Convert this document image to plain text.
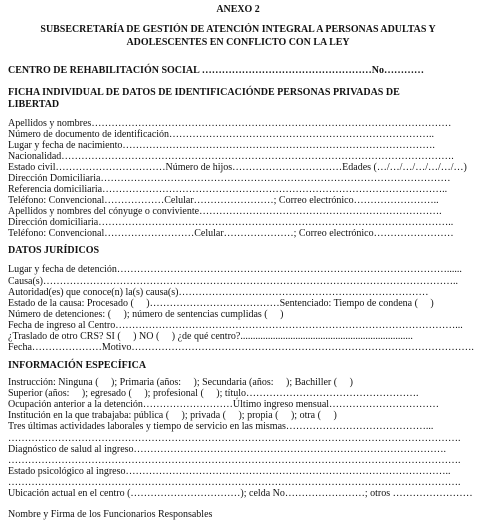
ANEXO 2
SUBSECRETARÍA DE GESTIÓN DE ATENCIÓN INTEGRAL A PERSONAS ADULTAS Y
ADOLESCENTES EN CONFLICTO CON LA LEY
CENTRO DE REHABILITACIÓN SOCIAL ……………………………………………No…………
FICHA INDIVIDUAL DE DATOS DE IDENTIFICACIÓNDE PERSONAS PRIVADAS DE
LIBERTAD
Apellidos y nombres………………………………………………………………………………………………
Número de documento de identificación……………………………………………………………………..
Lugar y fecha de nacimiento………………………………………………………………………………….
Nacionalidad……………………………………………………………………………………………………….
Estado civil……………………………Número de hijos……………………………Edades (…/…/…/…/…/…/…)
Dirección Domiciliaria……………………………………………………………………………………………
Referencia domiciliaria…………………………………………………………………………………………..
Teléfono: Convencional………………Celular……………………; Correo electrónico……………………..
Apellidos y nombres del cónyuge o conviviente……………………………………………………………….
Dirección domiciliaria……………………………………………………………………………………………..
Teléfono: Convencional………………………Celular…………………; Correo electrónico……………………
DATOS JURÍDICOS
Lugar y fecha de detención………………………………………………………………………………………......
Causa(s)……………………………………………………………………………………………………………..
Autoridad(es) que conoce(n) la(s) causa(s)…………………………………………………………………
Estado de la causa: Procesado (     )…………………………………Sentenciado: Tiempo de condena (     )
Número de detenciones: (     ); número de sentencias cumplidas (     )
Fecha de ingreso al Centro…………………………………………………………………………………………...
¿Traslado de otro CRS? SI (     ) NO (     ) ¿de qué centro?.....................................................................
Fecha…………………Motivo………………………………………………………………………………………….
INFORMACIÓN ESPECÍFICA
Instrucción: Ninguna (     ); Primaria (años:     ); Secundaria (años:     ); Bachiller (     )
Superior (años:     ); egresado (     ); profesional (     ); título…………………………………………….
Ocupación anterior a la detención………………………Último ingreso mensual……………………………
Institución en la que trabajaba: pública (     ); privada (     ); propia (     ); otra (     )
Tres últimas actividades laborales y tiempo de servicio en las mismas……………………………………...
……………………………………………………………………………………………………………………….
Diagnóstico de salud al ingreso………………………………………………………………………………….
……………………………………………………………………………………………………………………….
Estado psicológico al ingreso……………………………………………………………………………………..
……………………………………………………………………………………………………………………….
Ubicación actual en el centro (……………………………); celda No……………………; otros ……………………
Nombre y Firma de los Funcionarios Responsables
